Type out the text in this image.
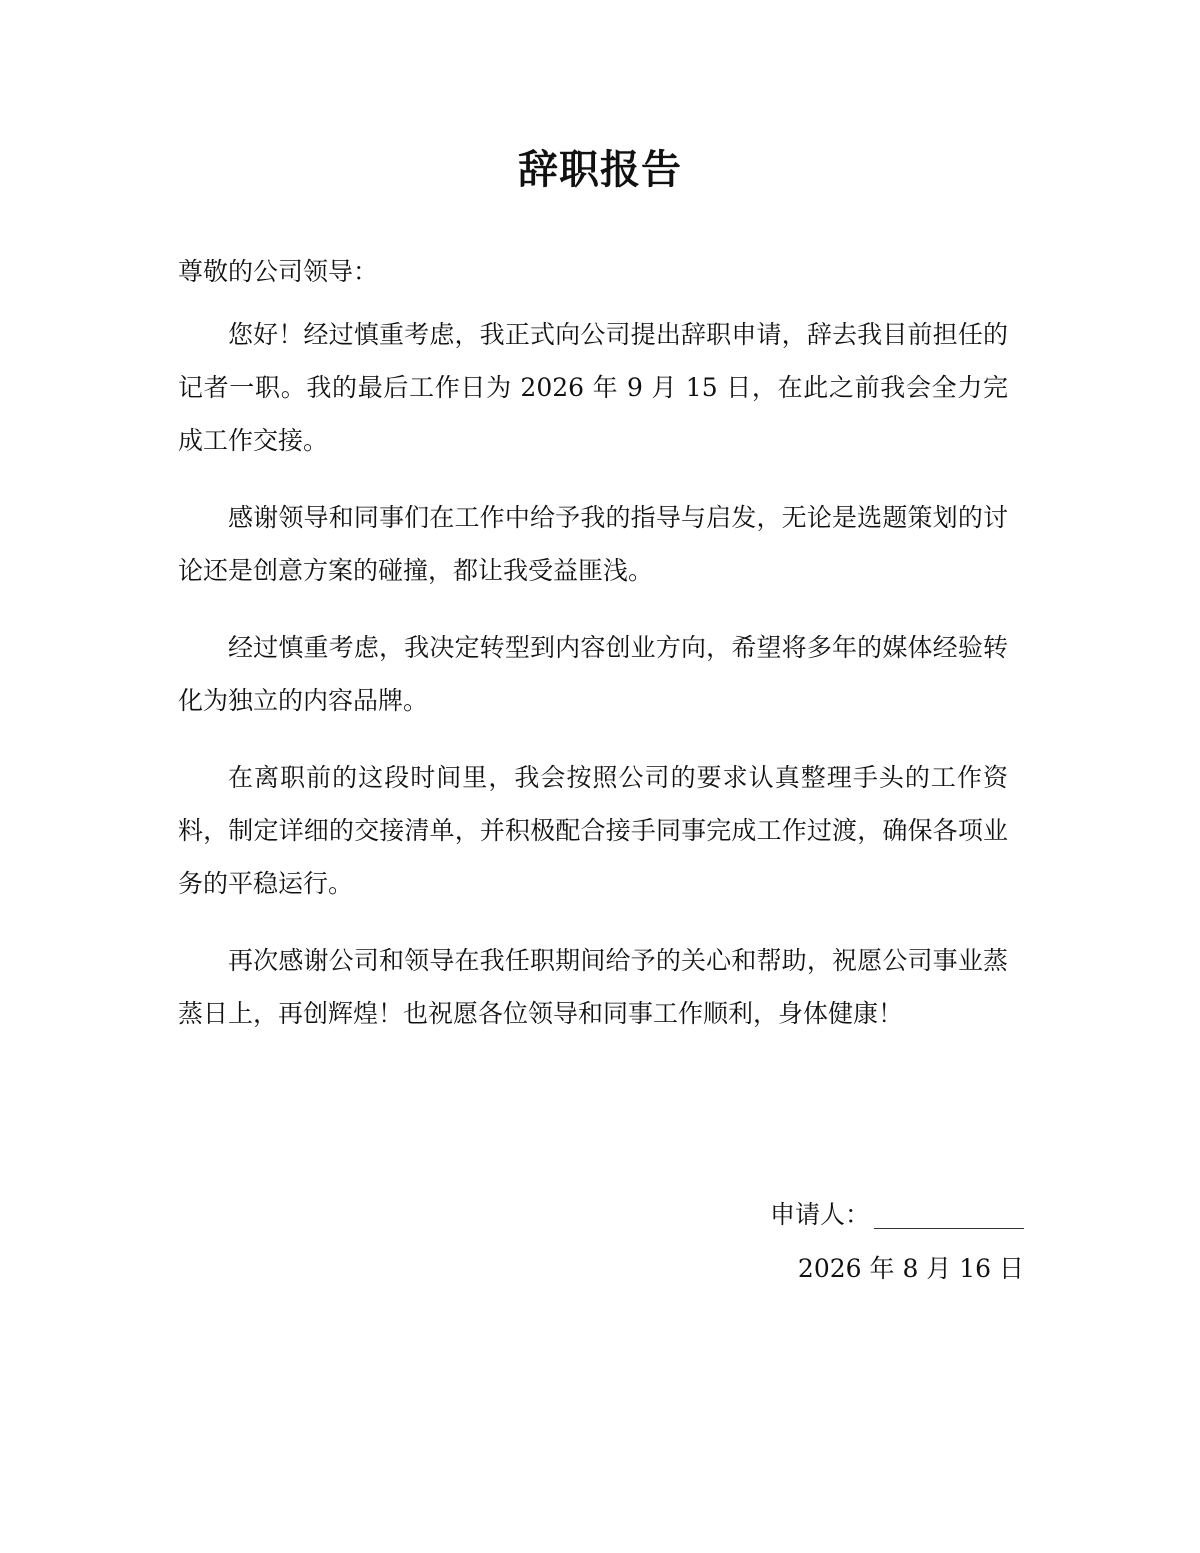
辞职报告

尊敬的公司领导：

您好！经过慎重考虑，我正式向公司提出辞职申请，辞去我目前担任的记者一职。我的最后工作日为 2026 年 9 月 15 日，在此之前我会全力完成工作交接。

感谢领导和同事们在工作中给予我的指导与启发，无论是选题策划的讨论还是创意方案的碰撞，都让我受益匪浅。

经过慎重考虑，我决定转型到内容创业方向，希望将多年的媒体经验转化为独立的内容品牌。

在离职前的这段时间里，我会按照公司的要求认真整理手头的工作资料，制定详细的交接清单，并积极配合接手同事完成工作过渡，确保各项业务的平稳运行。

再次感谢公司和领导在我任职期间给予的关心和帮助，祝愿公司事业蒸蒸日上，再创辉煌！也祝愿各位领导和同事工作顺利，身体健康！

申请人：
2026 年 8 月 16 日
